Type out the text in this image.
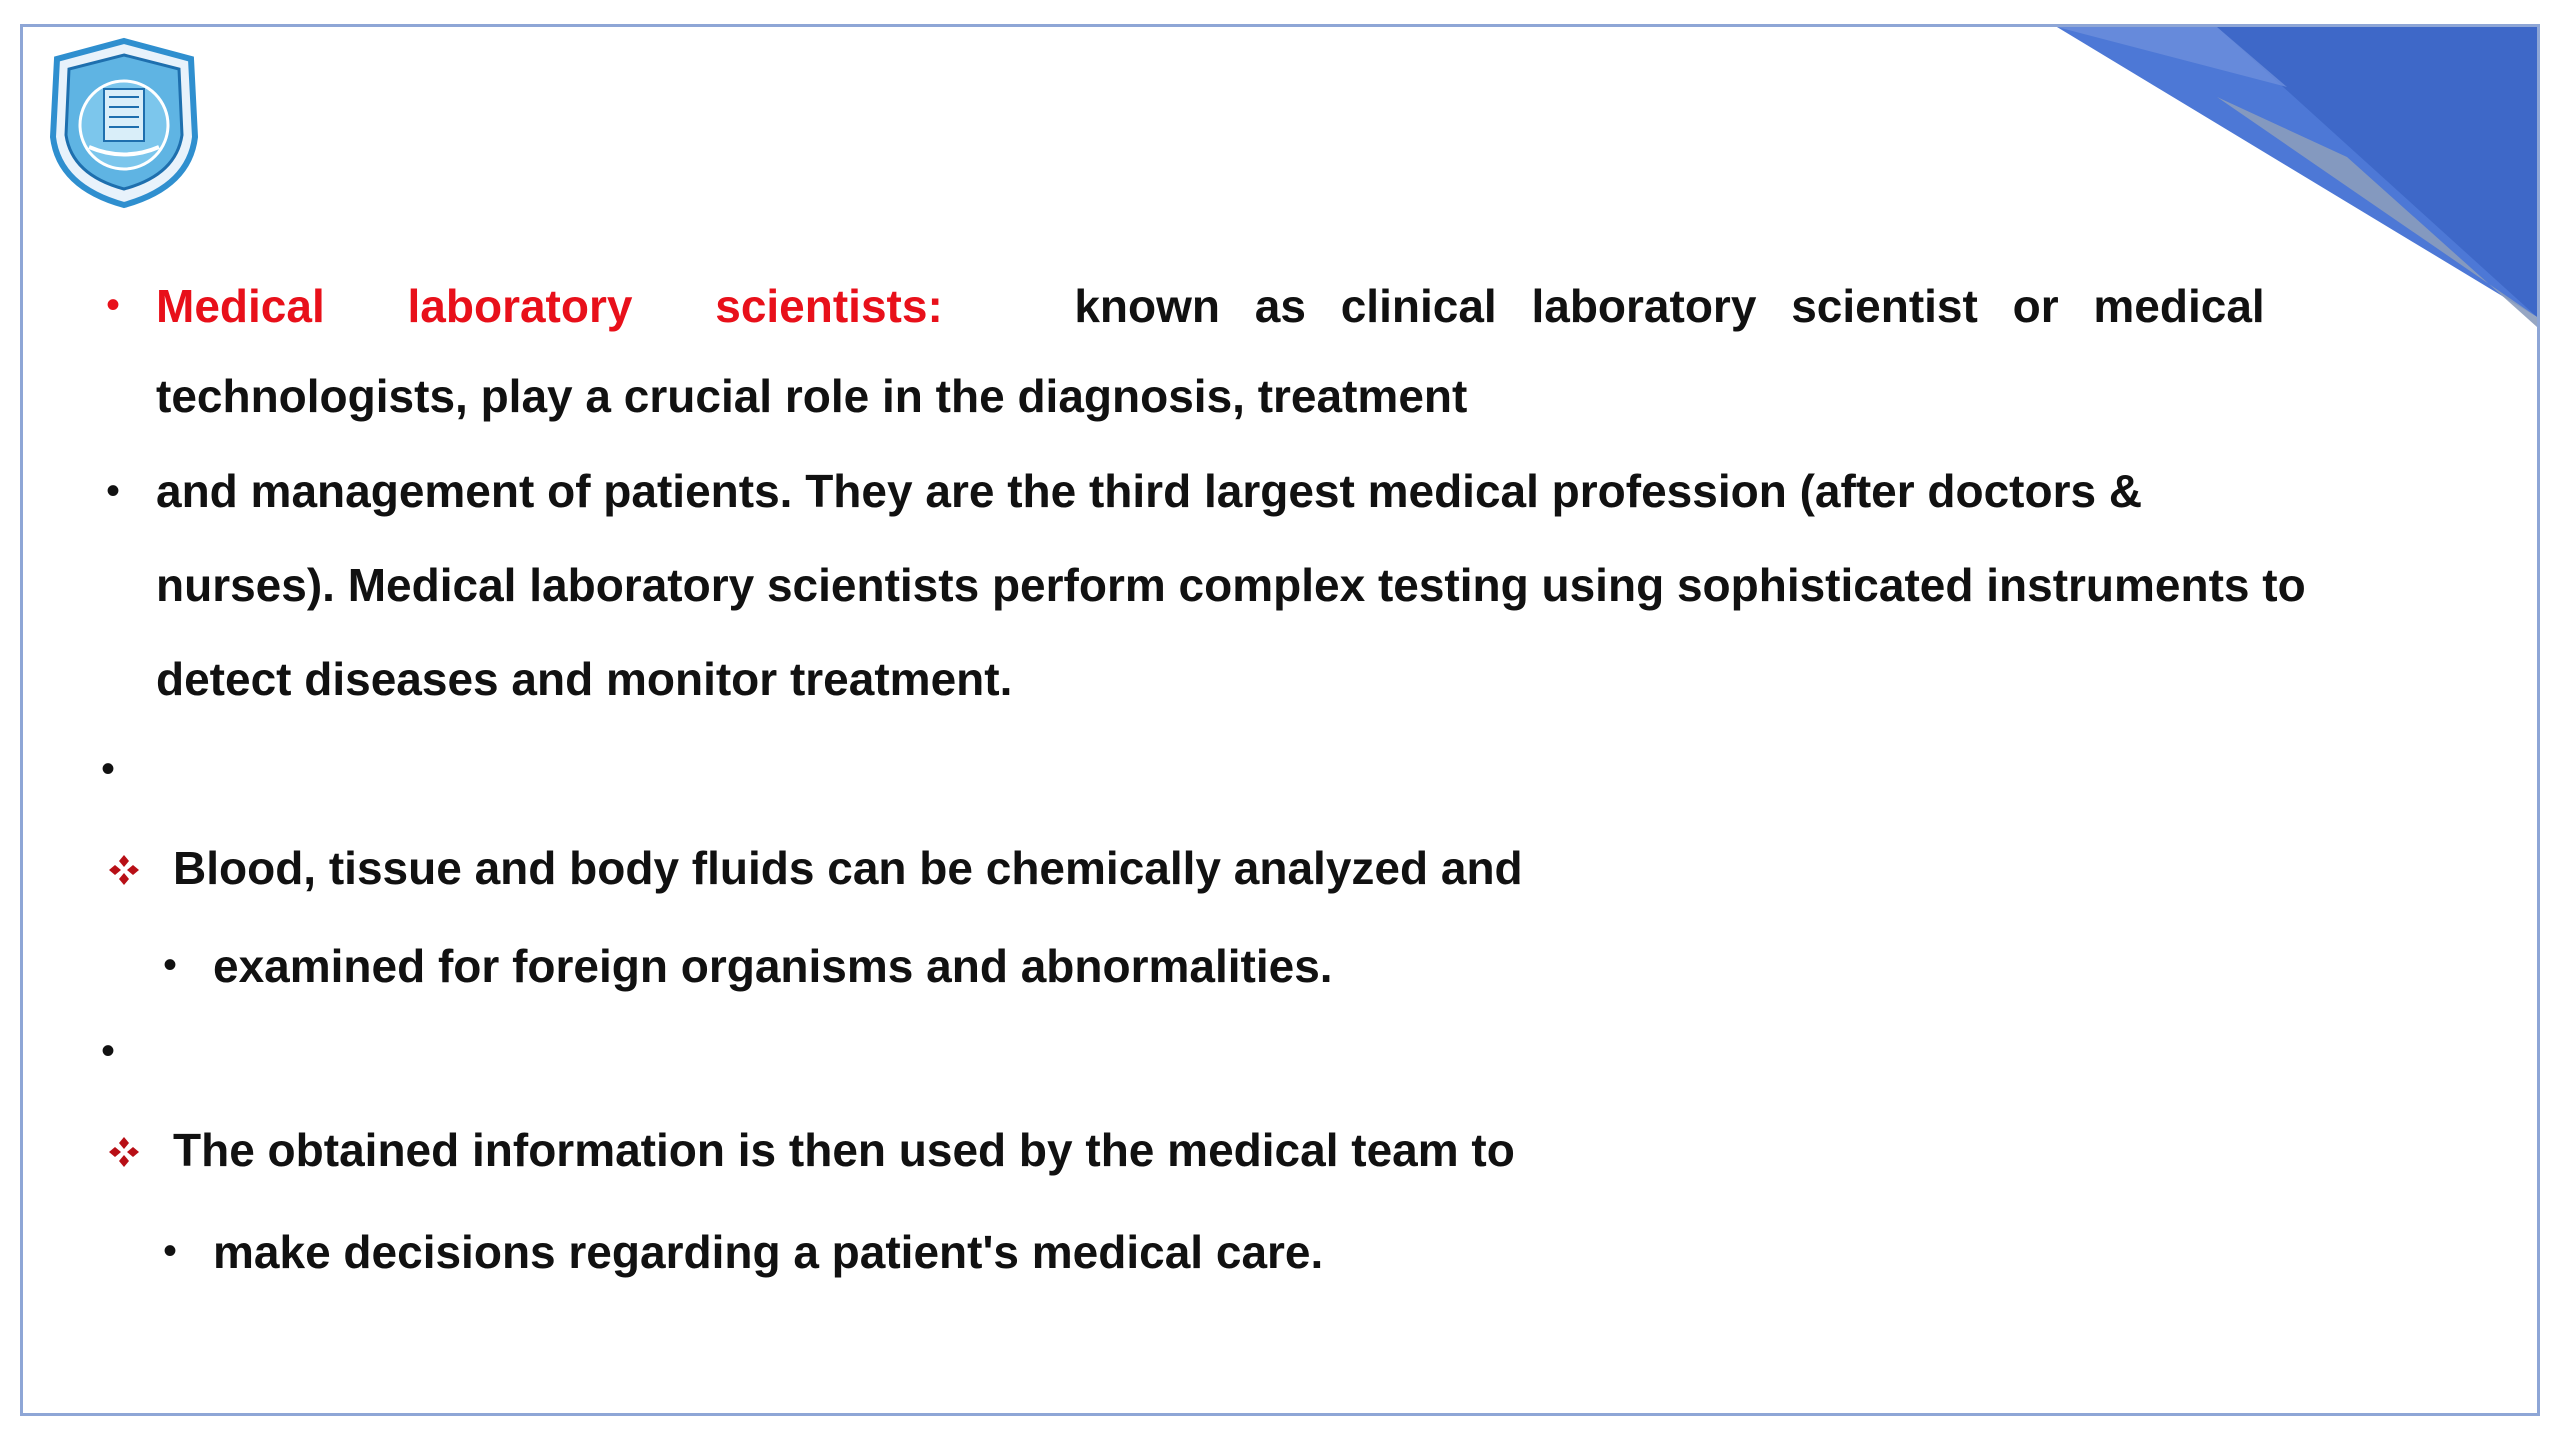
• Medical laboratory scientists:	known as clinical laboratory scientist or medical
technologists, play a crucial role in the diagnosis, treatment
• and management of patients. They are the third largest medical profession (after doctors &
nurses). Medical laboratory scientists perform complex testing using sophisticated instruments to
detect diseases and monitor treatment.
•
Blood, tissue and body fluids can be chemically analyzed and
• examined for foreign organisms and abnormalities.
•
The obtained information is then used by the medical team to
• make decisions regarding a patient's medical care.
